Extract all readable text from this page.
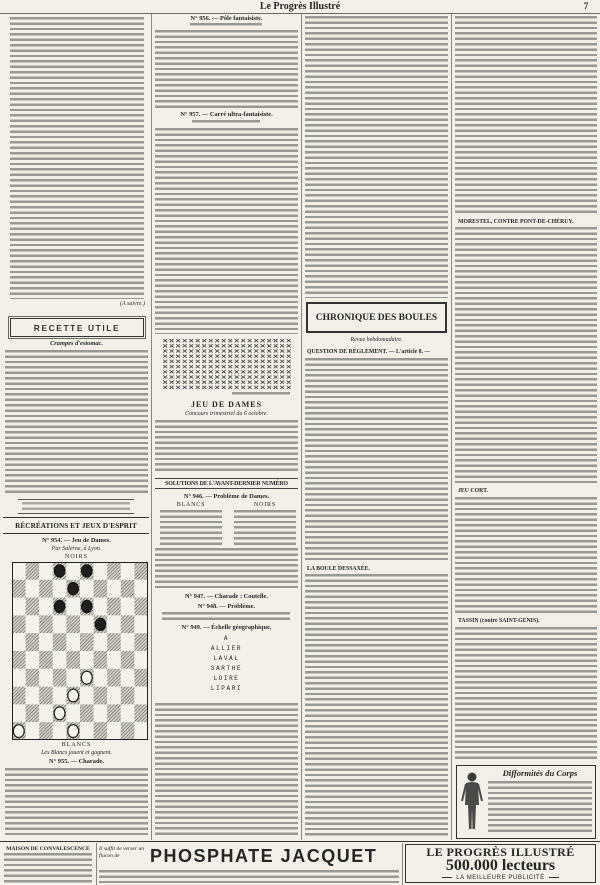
Le Progrès Illustré	7
(A suivre.)
RECETTE UTILE
Crampes d'estomac.
RÉCRÉATIONS ET JEUX D'ESPRIT
N° 954. — Jeu de Dames.
Par Salerne, à Lyon.
NOIRS
BLANCS
Les Blancs jouent et gagnent.
N° 955. — Charade.
N° 956. — Pôle fantaisiste.
N° 957. — Carré ultra-fantaisiste.
JEU DE DAMES
Concours trimestriel du 6 octobre.
SOLUTIONS DE L'AVANT-DERNIER NUMÉRO
N° 946. — Problème de Dames.
BLANCS	NOIRS
N° 947. — Charade : Coutelle.
N° 948. — Problème.
N° 949. — Échelle géographique.
A
ALLIER
LAVAL
SARTHE
LOIRE
LIPARI
CHRONIQUE DES BOULES
Revue hebdomadaire.
QUESTION DE RÈGLEMENT. — L'article 8. —
LA BOULE DESSAXÉE.
MORESTEL, CONTRE PONT-DE-CHÉRUY.
JEU CORT.
TASSIN (contre SAINT-GENIS).
Difformités du Corps
MAISON DE CONVALESCENCE	Il suffit de verser un flacon de	PHOSPHATE JACQUET	LE PROGRÈS ILLUSTRÉ
500.000 lecteurs
LA MEILLEURE PUBLICITÉ
